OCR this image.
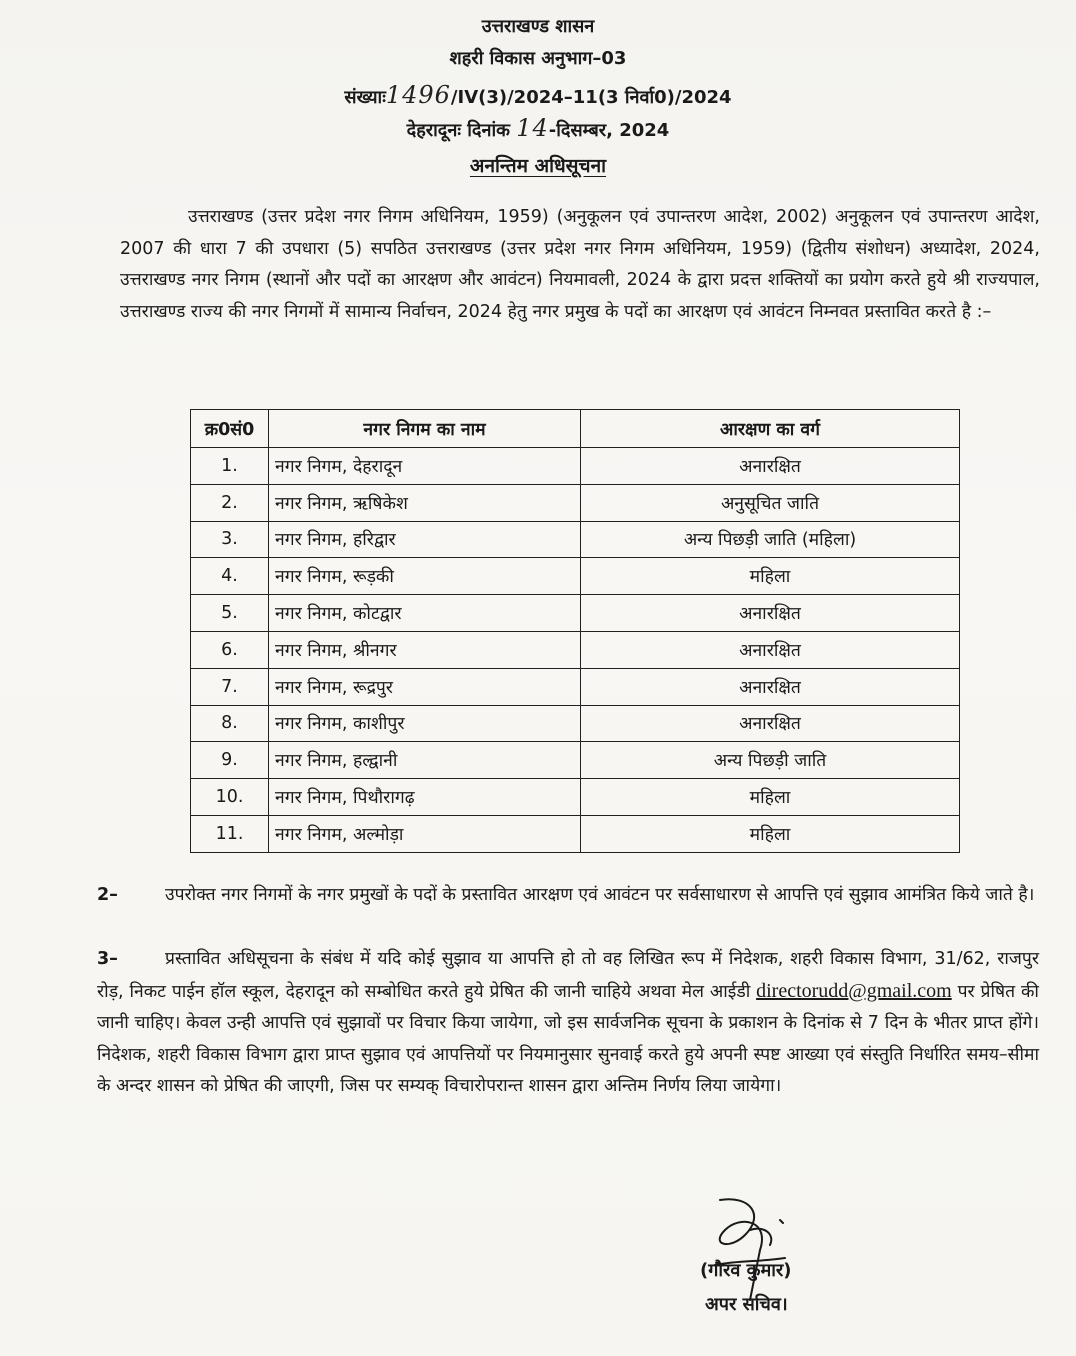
उत्तराखण्ड शासन
शहरी विकास अनुभाग–03
संख्याः1496/IV(3)/2024–11(3 निर्वा0)/2024
देहरादूनः दिनांक 14-दिसम्बर, 2024
अनन्तिम अधिसूचना
उत्तराखण्ड (उत्तर प्रदेश नगर निगम अधिनियम, 1959) (अनुकूलन एवं उपान्तरण आदेश, 2002) अनुकूलन एवं उपान्तरण आदेश, 2007 की धारा 7 की उपधारा (5) सपठित उत्तराखण्ड (उत्तर प्रदेश नगर निगम अधिनियम, 1959) (द्वितीय संशोधन) अध्यादेश, 2024, उत्तराखण्ड नगर निगम (स्थानों और पदों का आरक्षण और आवंटन) नियमावली, 2024 के द्वारा प्रदत्त शक्तियों का प्रयोग करते हुये श्री राज्यपाल, उत्तराखण्ड राज्य की नगर निगमों में सामान्य निर्वाचन, 2024 हेतु नगर प्रमुख के पदों का आरक्षण एवं आवंटन निम्नवत प्रस्तावित करते है :–
क्र0सं0	नगर निगम का नाम	आरक्षण का वर्ग
1.	नगर निगम, देहरादून	अनारक्षित
2.	नगर निगम, ऋषिकेश	अनुसूचित जाति
3.	नगर निगम, हरिद्वार	अन्य पिछड़ी जाति (महिला)
4.	नगर निगम, रूड़की	महिला
5.	नगर निगम, कोटद्वार	अनारक्षित
6.	नगर निगम, श्रीनगर	अनारक्षित
7.	नगर निगम, रूद्रपुर	अनारक्षित
8.	नगर निगम, काशीपुर	अनारक्षित
9.	नगर निगम, हल्द्वानी	अन्य पिछड़ी जाति
10.	नगर निगम, पिथौरागढ़	महिला
11.	नगर निगम, अल्मोड़ा	महिला
2–	उपरोक्त नगर निगमों के नगर प्रमुखों के पदों के प्रस्तावित आरक्षण एवं आवंटन पर सर्वसाधारण से आपत्ति एवं सुझाव आमंत्रित किये जाते है।
3–	प्रस्तावित अधिसूचना के संबंध में यदि कोई सुझाव या आपत्ति हो तो वह लिखित रूप में निदेशक, शहरी विकास विभाग, 31/62, राजपुर रोड़, निकट पाईन हॉल स्कूल, देहरादून को सम्बोधित करते हुये प्रेषित की जानी चाहिये अथवा मेल आईडी directorudd@gmail.com पर प्रेषित की जानी चाहिए। केवल उन्ही आपत्ति एवं सुझावों पर विचार किया जायेगा, जो इस सार्वजनिक सूचना के प्रकाशन के दिनांक से 7 दिन के भीतर प्राप्त होंगे। निदेशक, शहरी विकास विभाग द्वारा प्राप्त सुझाव एवं आपत्तियों पर नियमानुसार सुनवाई करते हुये अपनी स्पष्ट आख्या एवं संस्तुति निर्धारित समय–सीमा के अन्दर शासन को प्रेषित की जाएगी, जिस पर सम्यक् विचारोपरान्त शासन द्वारा अन्तिम निर्णय लिया जायेगा।
(गौरव कुमार)
अपर सचिव।
